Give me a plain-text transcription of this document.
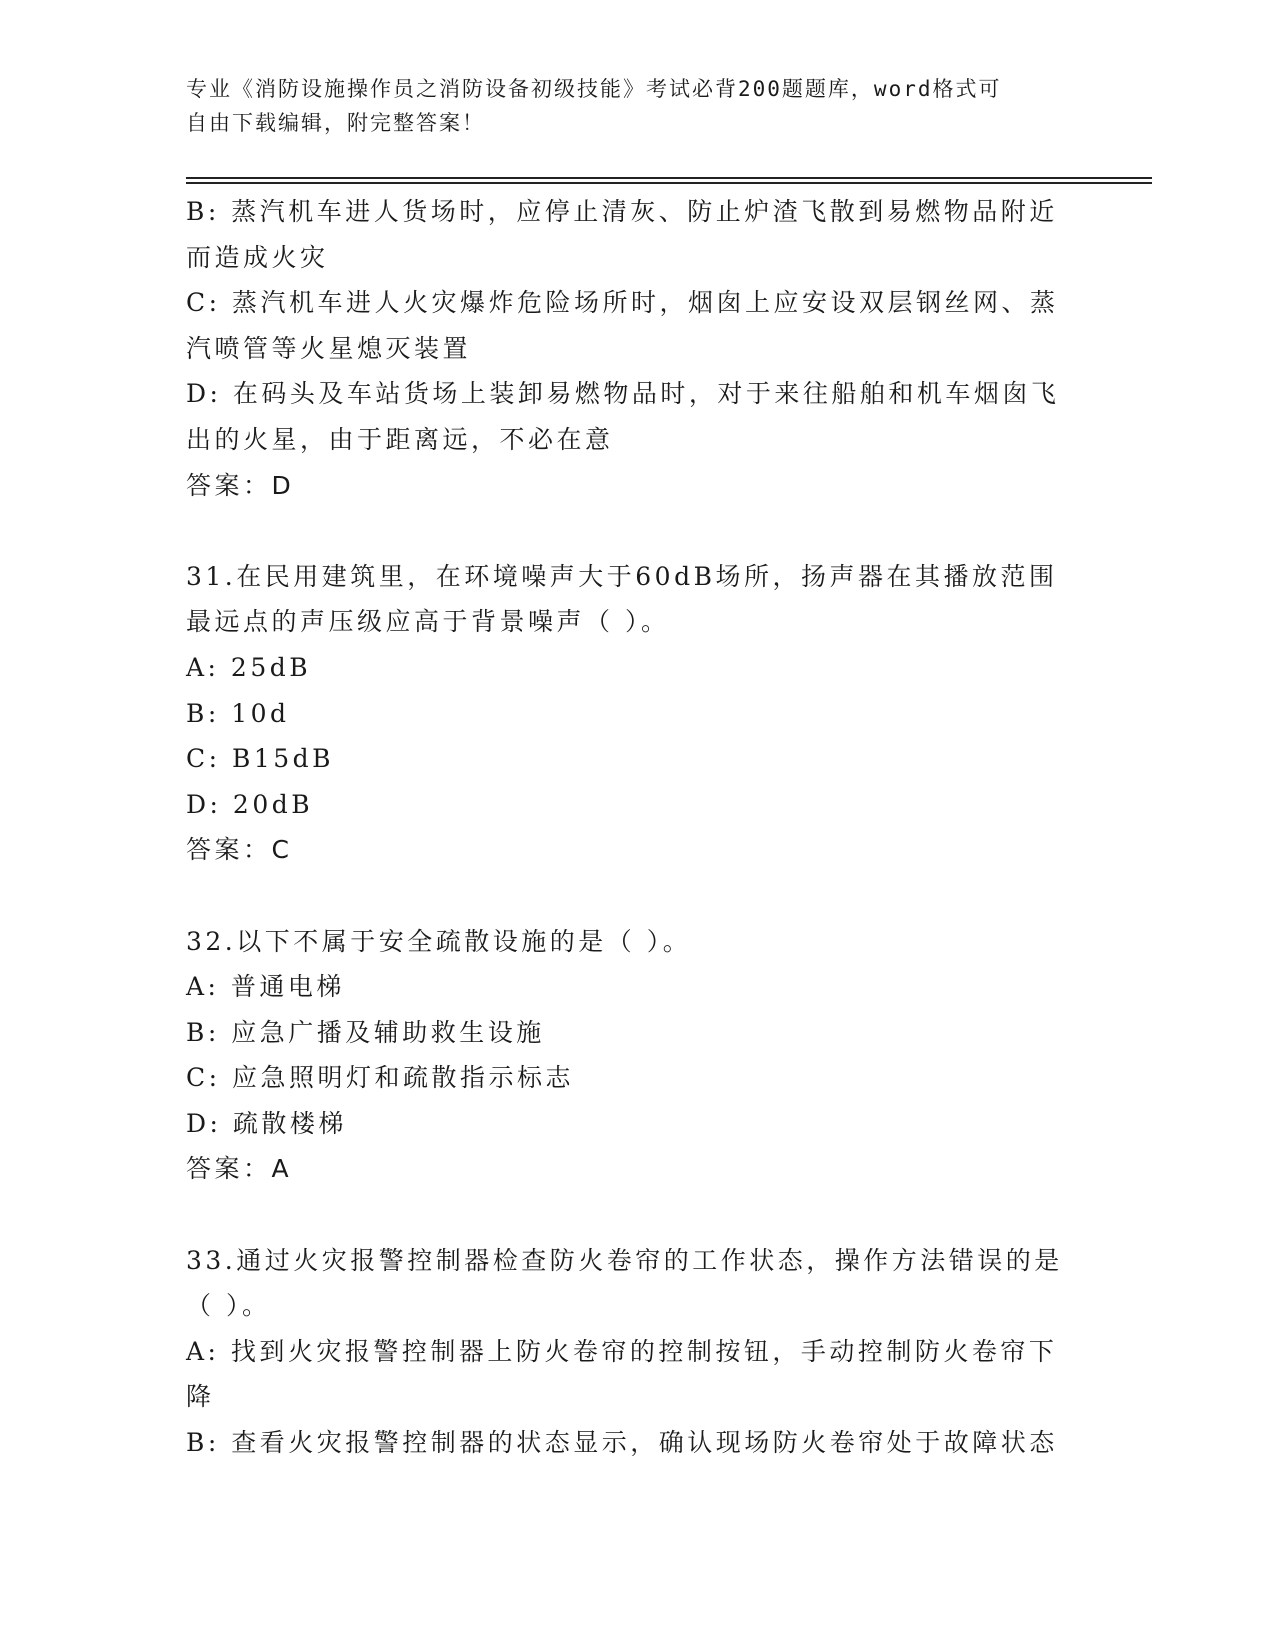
专业《消防设施操作员之消防设备初级技能》考试必背200题题库，word格式可
自由下载编辑，附完整答案！
B: 蒸汽机车进人货场时，应停止清灰、防止炉渣飞散到易燃物品附近
而造成火灾
C: 蒸汽机车进人火灾爆炸危险场所时，烟囱上应安设双层钢丝网、蒸
汽喷管等火星熄灭装置
D: 在码头及车站货场上装卸易燃物品时，对于来往船舶和机车烟囱飞
出的火星，由于距离远，不必在意
答案：D
31.在民用建筑里，在环境噪声大于60dB场所，扬声器在其播放范围
最远点的声压级应高于背景噪声（ ）。
A: 25dB
B: 10d
C: B15dB
D: 20dB
答案：C
32.以下不属于安全疏散设施的是（ ）。
A: 普通电梯
B: 应急广播及辅助救生设施
C: 应急照明灯和疏散指示标志
D: 疏散楼梯
答案：A
33.通过火灾报警控制器检查防火卷帘的工作状态，操作方法错误的是
（ ）。
A: 找到火灾报警控制器上防火卷帘的控制按钮，手动控制防火卷帘下
降
B: 查看火灾报警控制器的状态显示，确认现场防火卷帘处于故障状态
